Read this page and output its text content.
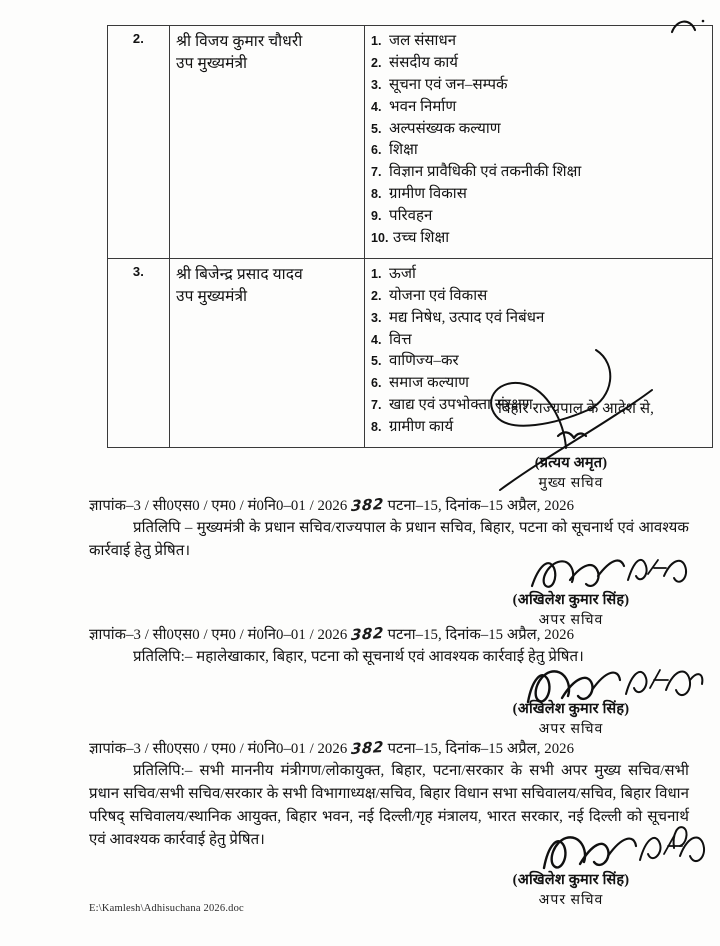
2.	श्री विजय कुमार चौधरी
उप मुख्यमंत्री

1. जल संसाधन
2. संसदीय कार्य
3. सूचना एवं जन–सम्पर्क
4. भवन निर्माण
5. अल्पसंख्यक कल्याण
6. शिक्षा
7. विज्ञान प्रावैधिकी एवं तकनीकी शिक्षा
8. ग्रामीण विकास
9. परिवहन
10. उच्च शिक्षा

3.	श्री बिजेन्द्र प्रसाद यादव
उप मुख्यमंत्री

1. ऊर्जा
2. योजना एवं विकास
3. मद्य निषेध, उत्पाद एवं निबंधन
4. वित्त
5. वाणिज्य–कर
6. समाज कल्याण
7. खाद्य एवं उपभोक्ता संरक्षण
8. ग्रामीण कार्य
बिहार राज्यपाल के आदेश से,
(प्रत्यय अमृत)
मुख्य सचिव
ज्ञापांक–3 / सी0एस0 / एम0 / मं0नि0–01 / 2026 382 पटना–15, दिनांक–15 अप्रैल, 2026
प्रतिलिपि – मुख्यमंत्री के प्रधान सचिव/राज्यपाल के प्रधान सचिव, बिहार, पटना को सूचनार्थ एवं आवश्यक कार्रवाई हेतु प्रेषित।
(अखिलेश कुमार सिंह)
अपर सचिव
ज्ञापांक–3 / सी0एस0 / एम0 / मं0नि0–01 / 2026 382 पटना–15, दिनांक–15 अप्रैल, 2026
प्रतिलिपि:– महालेखाकार, बिहार, पटना को सूचनार्थ एवं आवश्यक कार्रवाई हेतु प्रेषित।
(अखिलेश कुमार सिंह)
अपर सचिव
ज्ञापांक–3 / सी0एस0 / एम0 / मं0नि0–01 / 2026 382 पटना–15, दिनांक–15 अप्रैल, 2026
प्रतिलिपि:– सभी माननीय मंत्रीगण/लोकायुक्त, बिहार, पटना/सरकार के सभी अपर मुख्य सचिव/सभी प्रधान सचिव/सभी सचिव/सरकार के सभी विभागाध्यक्ष/सचिव, बिहार विधान सभा सचिवालय/सचिव, बिहार विधान परिषद् सचिवालय/स्थानिक आयुक्त, बिहार भवन, नई दिल्ली/गृह मंत्रालय, भारत सरकार, नई दिल्ली को सूचनार्थ एवं आवश्यक कार्रवाई हेतु प्रेषित।
(अखिलेश कुमार सिंह)
अपर सचिव
E:\Kamlesh\Adhisuchana 2026.doc
